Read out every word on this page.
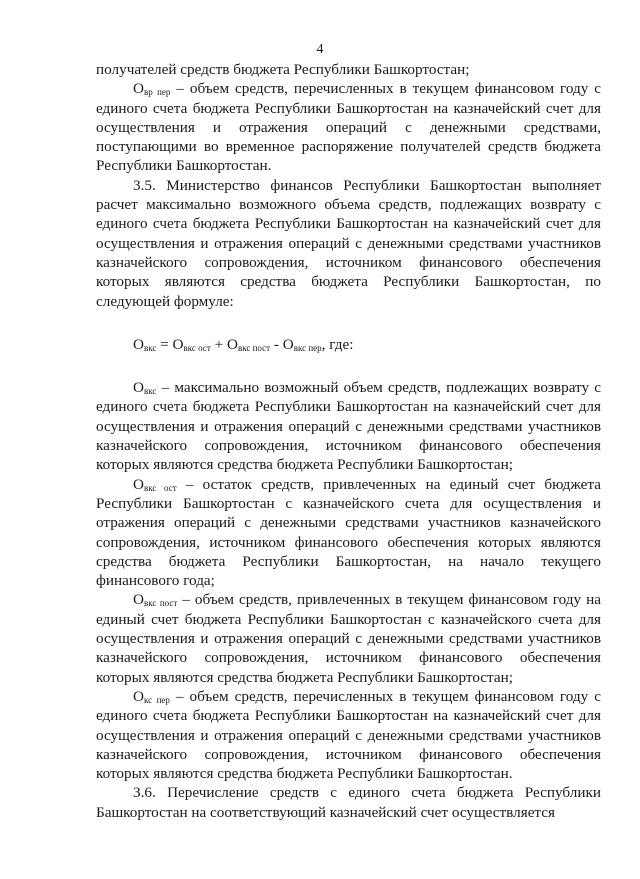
4

получателей средств бюджета Республики Башкортостан;

$О_{вр пер}$ – объем средств, перечисленных в текущем финансовом году с единого счета бюджета Республики Башкортостан на казначейский счет для осуществления и отражения операций с денежными средствами, поступающими во временное распоряжение получателей средств бюджета Республики Башкортостан.

3.5. Министерство финансов Республики Башкортостан выполняет расчет максимально возможного объема средств, подлежащих возврату с единого счета бюджета Республики Башкортостан на казначейский счет для осуществления и отражения операций с денежными средствами участников казначейского сопровождения, источником финансового обеспечения которых являются средства бюджета Республики Башкортостан, по следующей формуле:

$О_{вкс} = О_{вкс ост} + О_{вкс пост} - О_{вкс пер}$, где:

$О_{вкс}$ – максимально возможный объем средств, подлежащих возврату с единого счета бюджета Республики Башкортостан на казначейский счет для осуществления и отражения операций с денежными средствами участников казначейского сопровождения, источником финансового обеспечения которых являются средства бюджета Республики Башкортостан;

$О_{вкс ост}$ – остаток средств, привлеченных на единый счет бюджета Республики Башкортостан с казначейского счета для осуществления и отражения операций с денежными средствами участников казначейского сопровождения, источником финансового обеспечения которых являются средства бюджета Республики Башкортостан, на начало текущего финансового года;

$О_{вкс пост}$ – объем средств, привлеченных в текущем финансовом году на единый счет бюджета Республики Башкортостан с казначейского счета для осуществления и отражения операций с денежными средствами участников казначейского сопровождения, источником финансового обеспечения которых являются средства бюджета Республики Башкортостан;

$О_{кс пер}$ – объем средств, перечисленных в текущем финансовом году с единого счета бюджета Республики Башкортостан на казначейский счет для осуществления и отражения операций с денежными средствами участников казначейского сопровождения, источником финансового обеспечения которых являются средства бюджета Республики Башкортостан.

3.6. Перечисление средств с единого счета бюджета Республики Башкортостан на соответствующий казначейский счет осуществляется
